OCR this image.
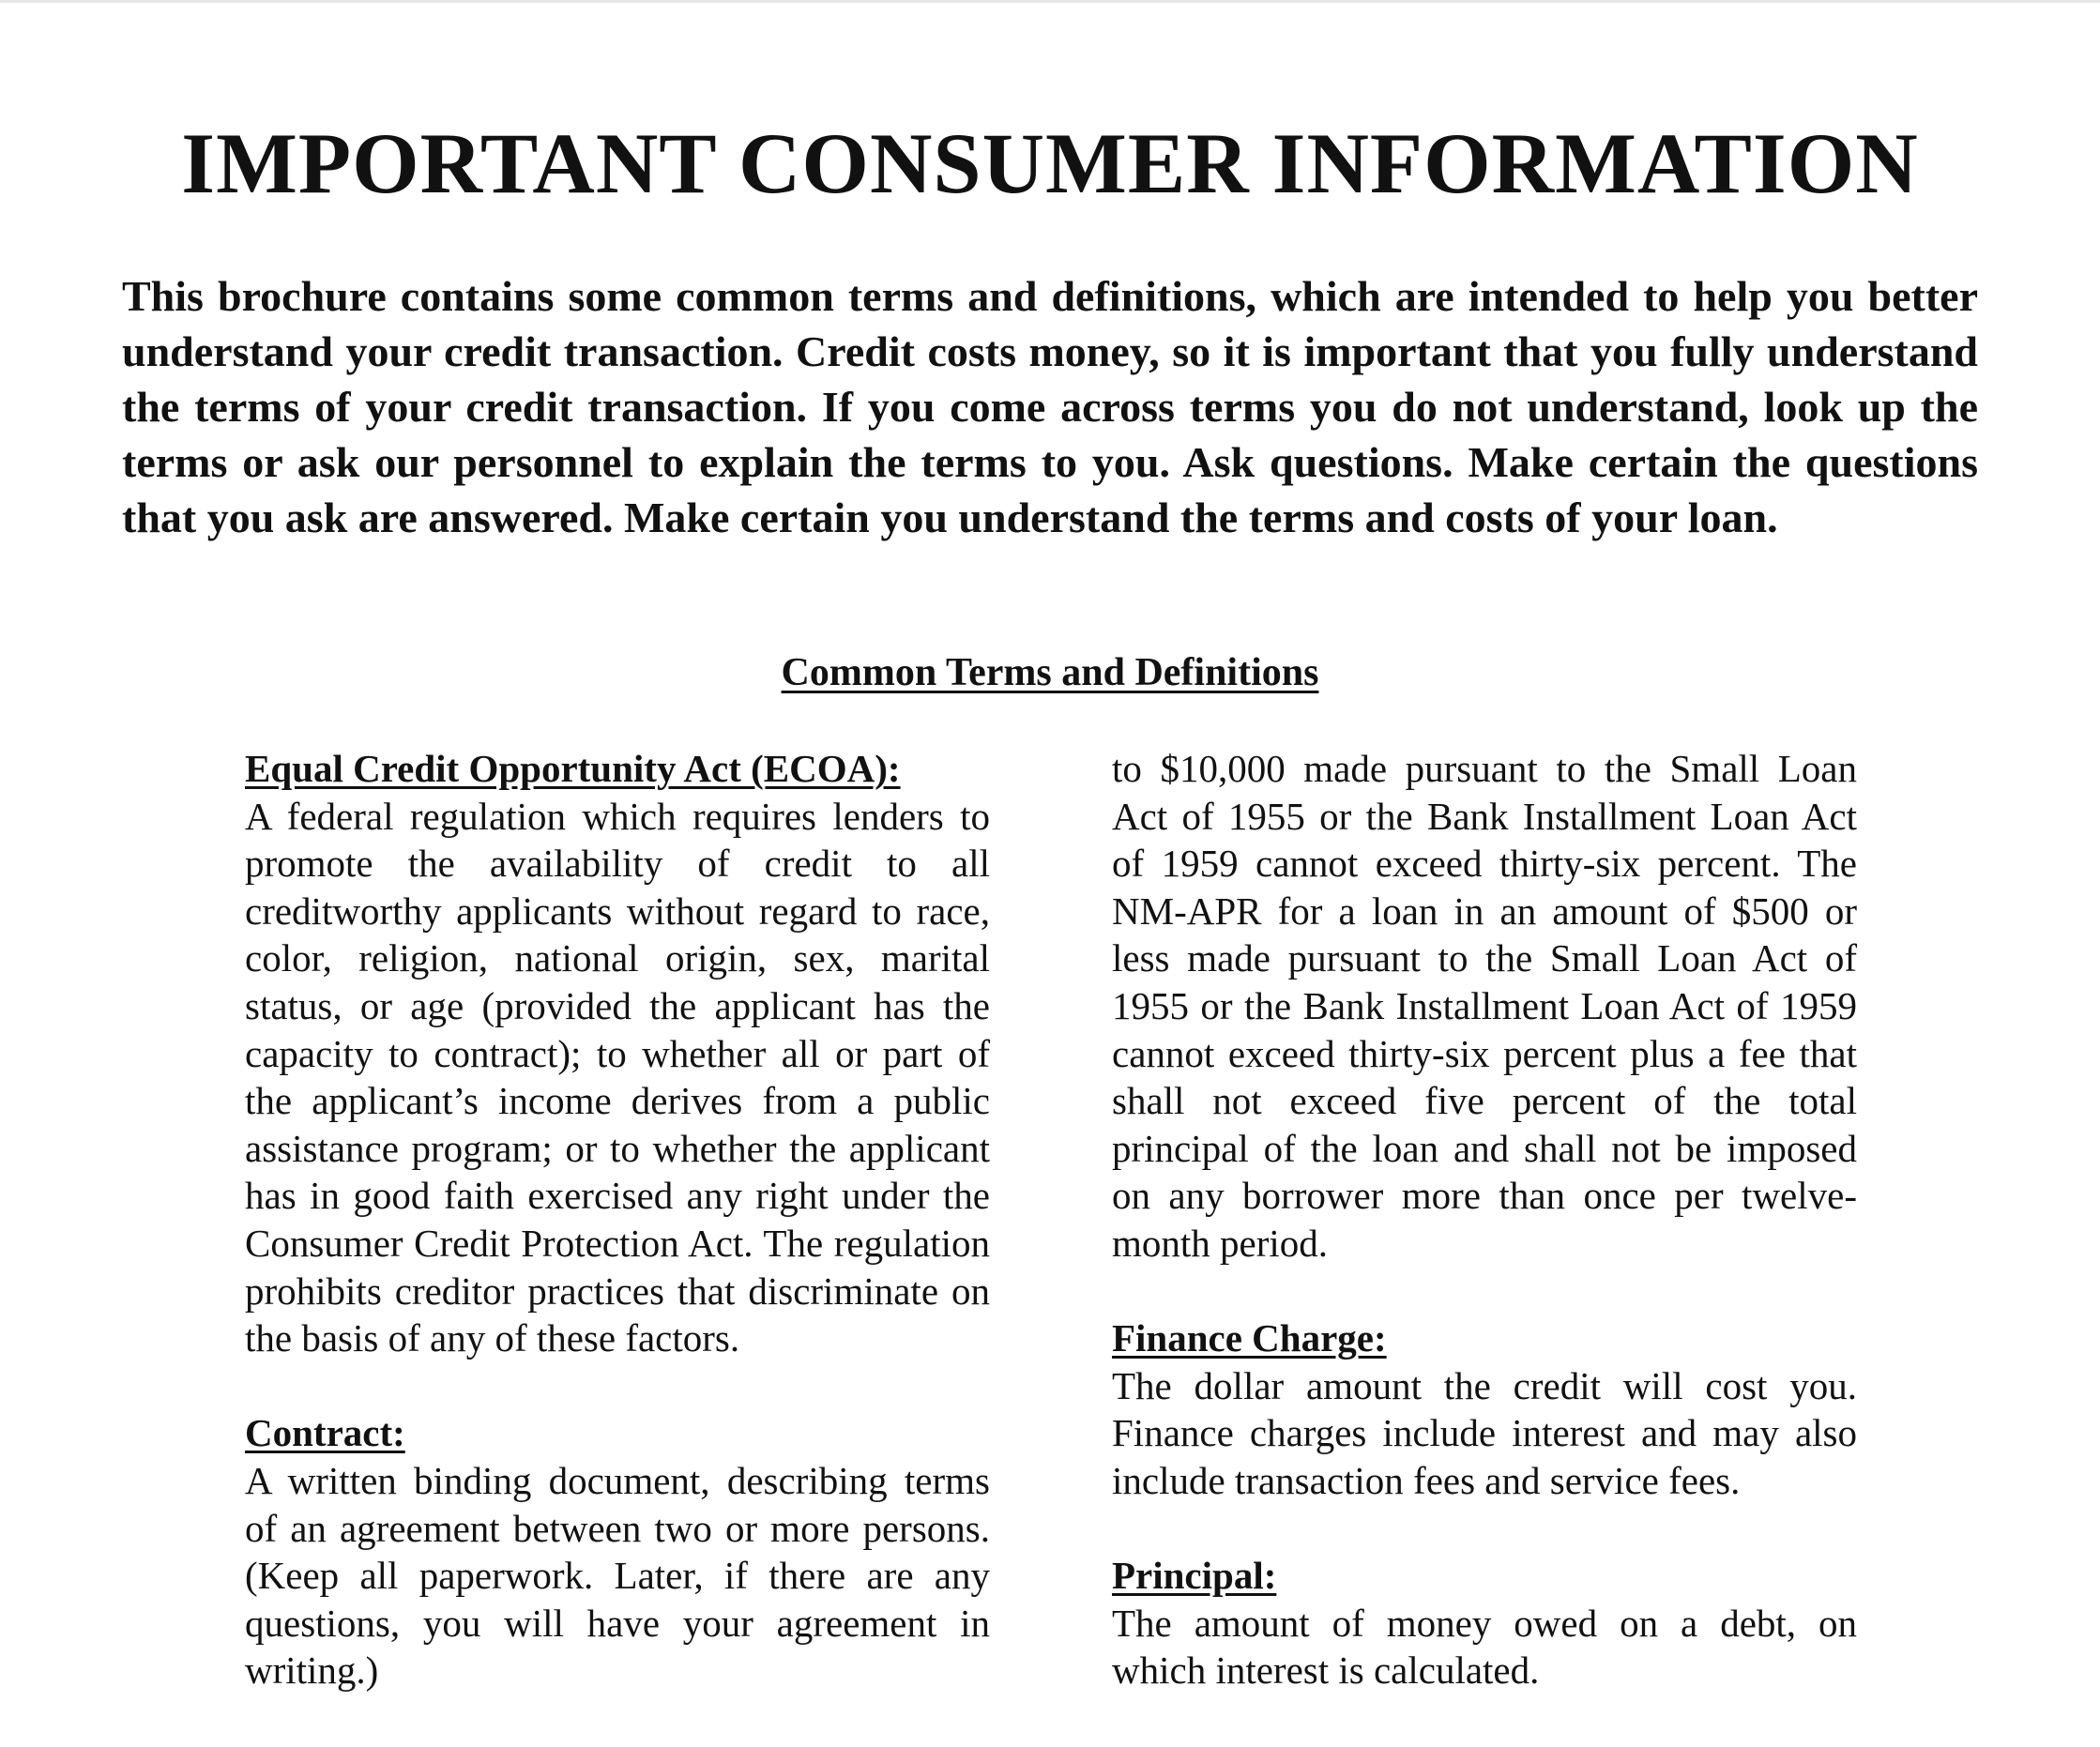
IMPORTANT CONSUMER INFORMATION
This brochure contains some common terms and definitions, which are intended to help you better understand your credit transaction. Credit costs money, so it is important that you fully understand the terms of your credit transaction. If you come across terms you do not understand, look up the terms or ask our personnel to explain the terms to you. Ask questions. Make certain the questions that you ask are answered. Make certain you understand the terms and costs of your loan.
Common Terms and Definitions
Equal Credit Opportunity Act (ECOA):
A federal regulation which requires lenders to promote the availability of credit to all creditworthy applicants without regard to race, color, religion, national origin, sex, marital status, or age (provided the applicant has the capacity to contract); to whether all or part of the applicant’s income derives from a public assistance program; or to whether the applicant has in good faith exercised any right under the Consumer Credit Protection Act. The regulation prohibits creditor practices that discriminate on the basis of any of these factors.
Contract:
A written binding document, describing terms of an agreement between two or more persons. (Keep all paperwork. Later, if there are any questions, you will have your agreement in writing.)
to $10,000 made pursuant to the Small Loan Act of 1955 or the Bank Installment Loan Act of 1959 cannot exceed thirty-six percent. The NM-APR for a loan in an amount of $500 or less made pursuant to the Small Loan Act of 1955 or the Bank Installment Loan Act of 1959 cannot exceed thirty-six percent plus a fee that shall not exceed five percent of the total principal of the loan and shall not be imposed on any borrower more than once per twelve-month period.
Finance Charge:
The dollar amount the credit will cost you. Finance charges include interest and may also include transaction fees and service fees.
Principal:
The amount of money owed on a debt, on which interest is calculated.
